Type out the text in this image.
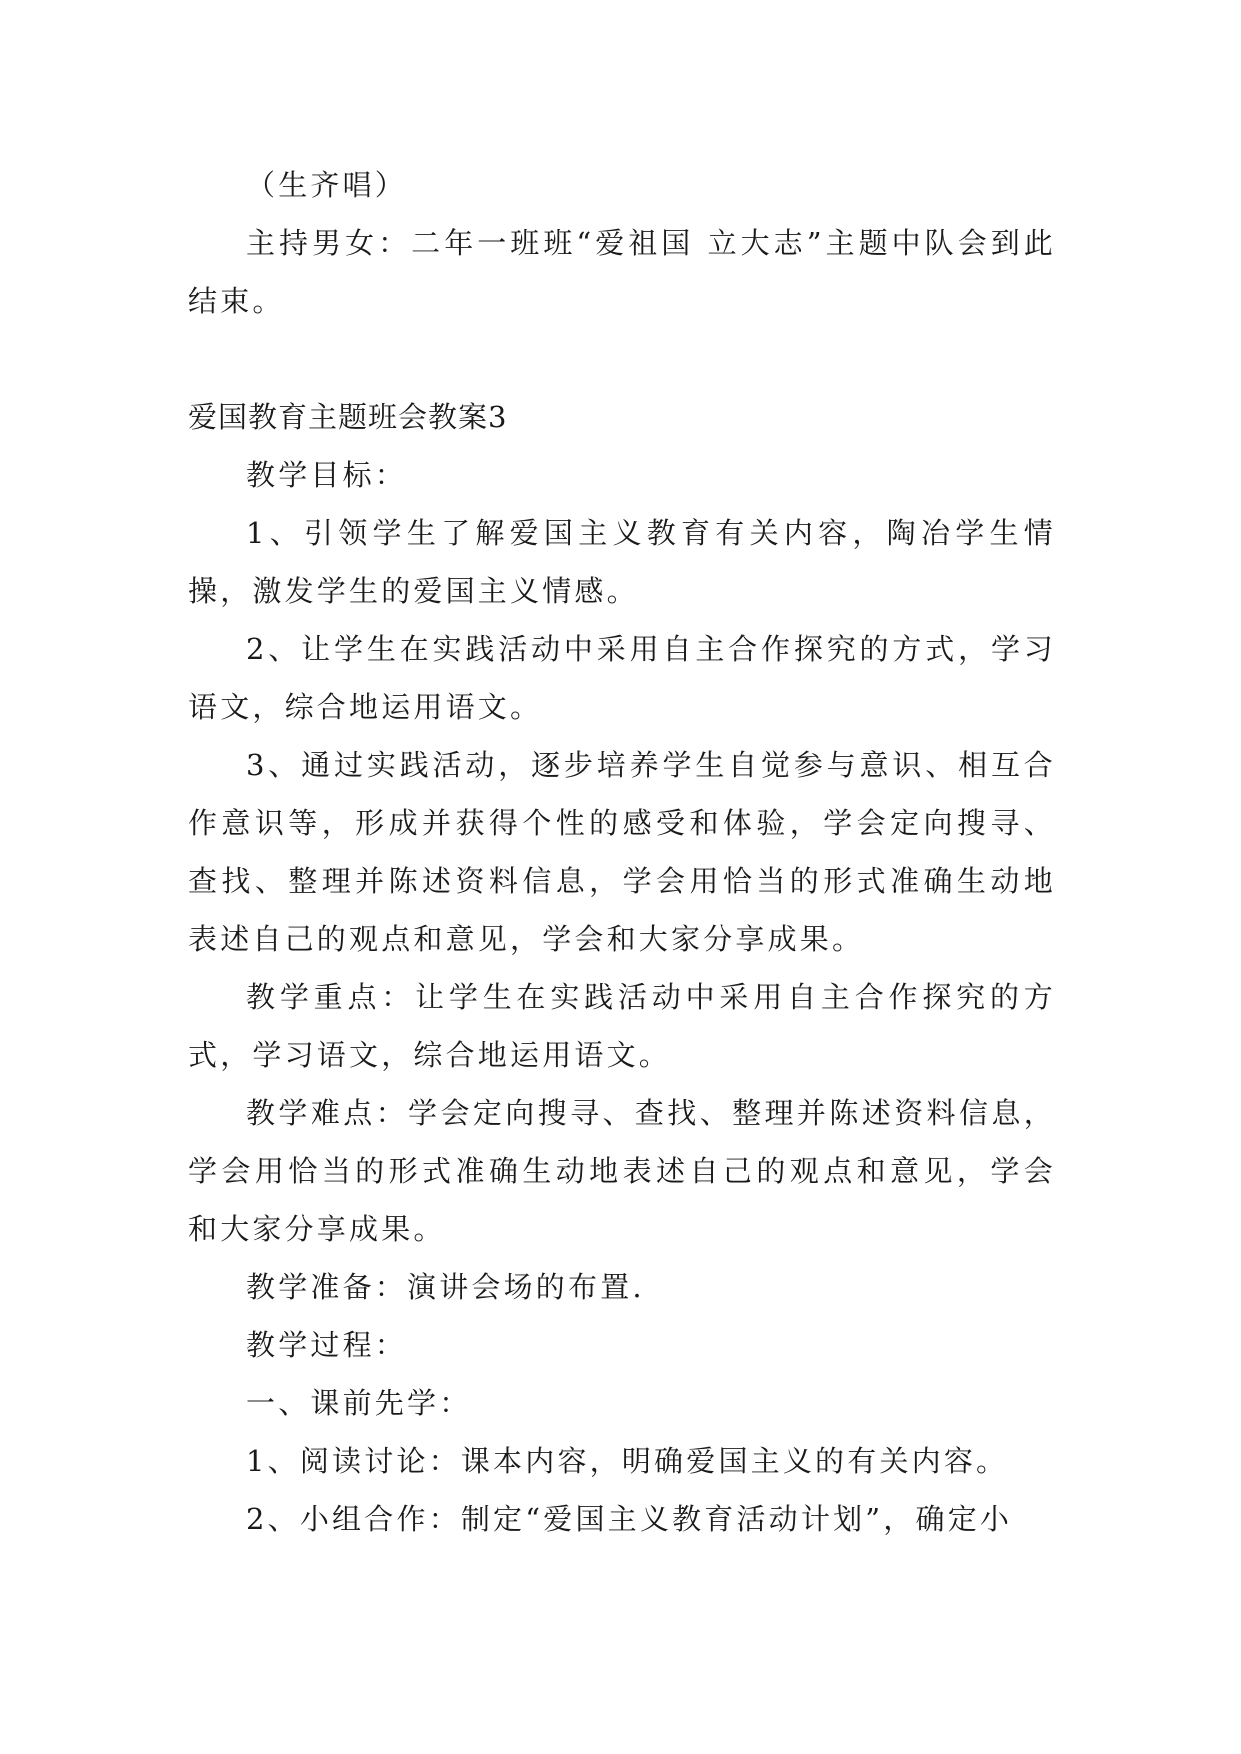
（生齐唱）

主持男女：二年一班班“爱祖国 立大志”主题中队会到此结束。

爱国教育主题班会教案3

教学目标：

1、引领学生了解爱国主义教育有关内容，陶冶学生情操，激发学生的爱国主义情感。

2、让学生在实践活动中采用自主合作探究的方式，学习语文，综合地运用语文。

3、通过实践活动，逐步培养学生自觉参与意识、相互合作意识等，形成并获得个性的感受和体验，学会定向搜寻、查找、整理并陈述资料信息，学会用恰当的形式准确生动地表述自己的观点和意见，学会和大家分享成果。

教学重点：让学生在实践活动中采用自主合作探究的方式，学习语文，综合地运用语文。

教学难点：学会定向搜寻、查找、整理并陈述资料信息，学会用恰当的形式准确生动地表述自己的观点和意见，学会和大家分享成果。

教学准备：演讲会场的布置.

教学过程：

一、课前先学：

1、阅读讨论：课本内容，明确爱国主义的有关内容。

2、小组合作：制定“爱国主义教育活动计划”，确定小
